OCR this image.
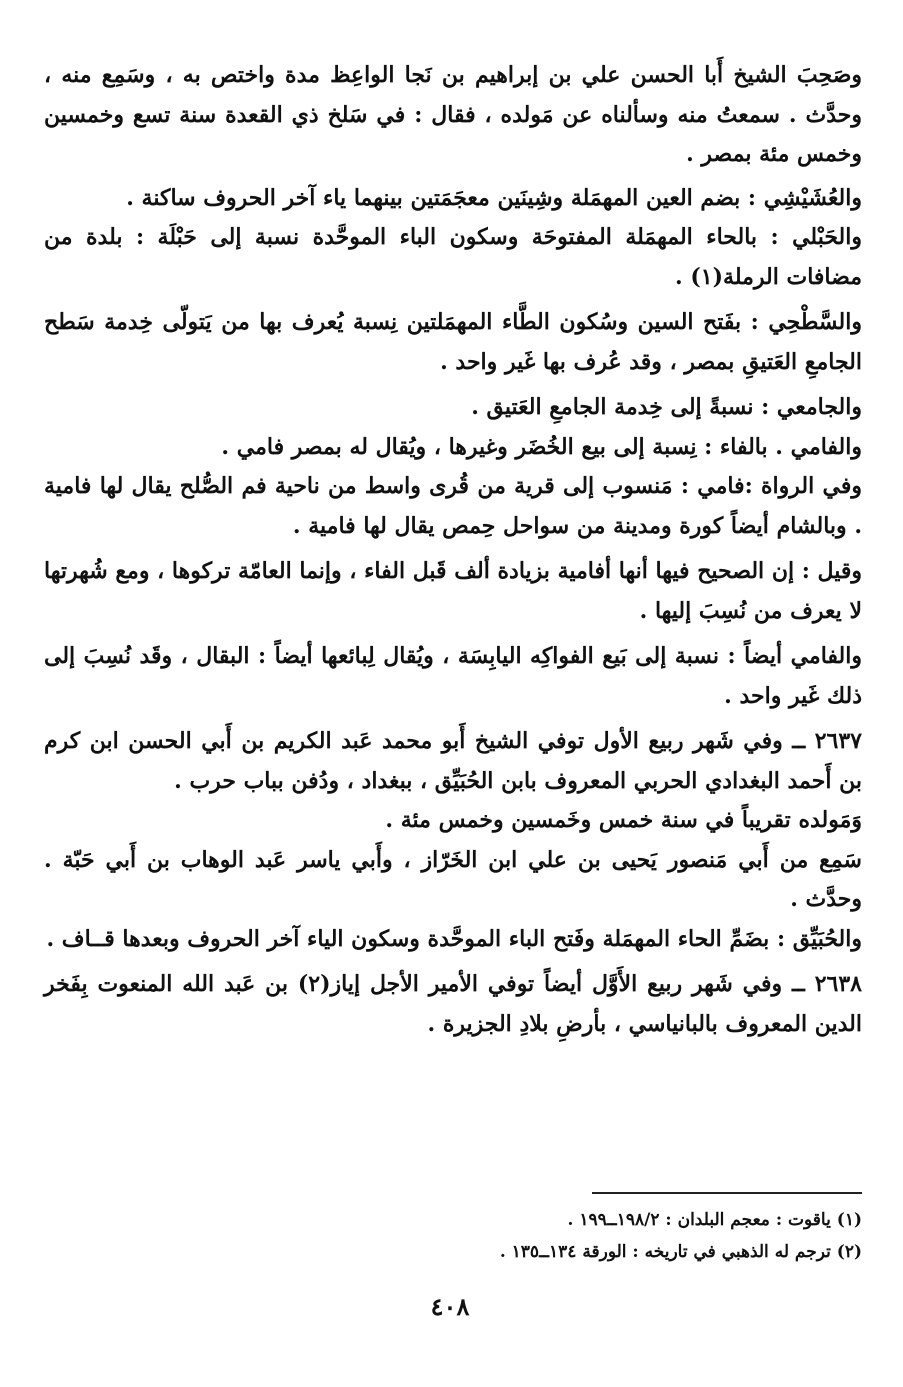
وصَحِبَ الشيخ أَبا الحسن علي بن إبراهيم بن نَجا الواعِظ مدة واختص به ، وسَمِع منه ، وحدَّث . سمعتُ منه وسألناه عن مَولده ، فقال : في سَلخ ذي القعدة سنة تسع وخمسين وخمس مئة بمصر .

والعُشَيْشِي : بضم العين المهمَلة وشِينَين معجَمَتين بينهما ياء آخر الحروف ساكنة .

والحَبْلي : بالحاء المهمَلة المفتوحَة وسكون الباء الموحَّدة نسبة إلى حَبْلَة : بلدة من مضافات الرملة(١) .

والسَّطْحِي : بفَتح السين وسُكون الطَّاء المهمَلتين نِسبة يُعرف بها من يَتولّى خِدمة سَطح الجامعِ العَتيقِ بمصر ، وقد عُرف بها غَير واحد .

والجامعي : نسبةً إلى خِدمة الجامعِ العَتيق .

والفامي . بالفاء : نِسبة إلى بيع الخُضَر وغيرها ، ويُقال له بمصر فامي .

وفي الرواة :فامي : مَنسوب إلى قرية من قُرى واسط من ناحية فم الصُّلح يقال لها فامية . وبالشام أيضاً كورة ومدينة من سواحل حِمص يقال لها فامية .

وقيل : إن الصحيح فيها أنها أفامية بزيادة ألف قَبل الفاء ، وإنما العامّة تركوها ، ومع شُهرتها لا يعرف من نُسِبَ إليها .

والفامي أيضاً : نسبة إلى بَيع الفواكِه اليابِسَة ، ويُقال لِبائعها أيضاً : البقال ، وقَد نُسِبَ إلى ذلك غَير واحد .

٢٦٣٧ ــ وفي شَهر ربيع الأول توفي الشيخ أَبو محمد عَبد الكريم بن أَبي الحسن ابن كرم بن أَحمد البغدادي الحربي المعروف بابن الحُبَيِّق ، ببغداد ، ودُفن بباب حرب .

وَمَولده تقريباً في سنة خمس وخَمسين وخمس مئة .

سَمِع من أَبي مَنصور يَحيى بن علي ابن الخَرّاز ، وأَبي ياسر عَبد الوهاب بن أَبي حَبّة . وحدَّث .

والحُبَيِّق : بضَمِّ الحاء المهمَلة وفَتح الباء الموحَّدة وسكون الياء آخر الحروف وبعدها قــاف .

٢٦٣٨ ــ وفي شَهر ربيع الأَوَّل أيضاً توفي الأمير الأجل إياز(٢) بن عَبد الله المنعوت بِفَخر الدين المعروف بالبانياسي ، بأرضِ بلادِ الجزيرة .

(١) ياقوت : معجم البلدان : ١٩٨/٢ــ١٩٩ .

(٢) ترجم له الذهبي في تاريخه : الورقة ١٣٤ــ١٣٥ .

٤٠٨
